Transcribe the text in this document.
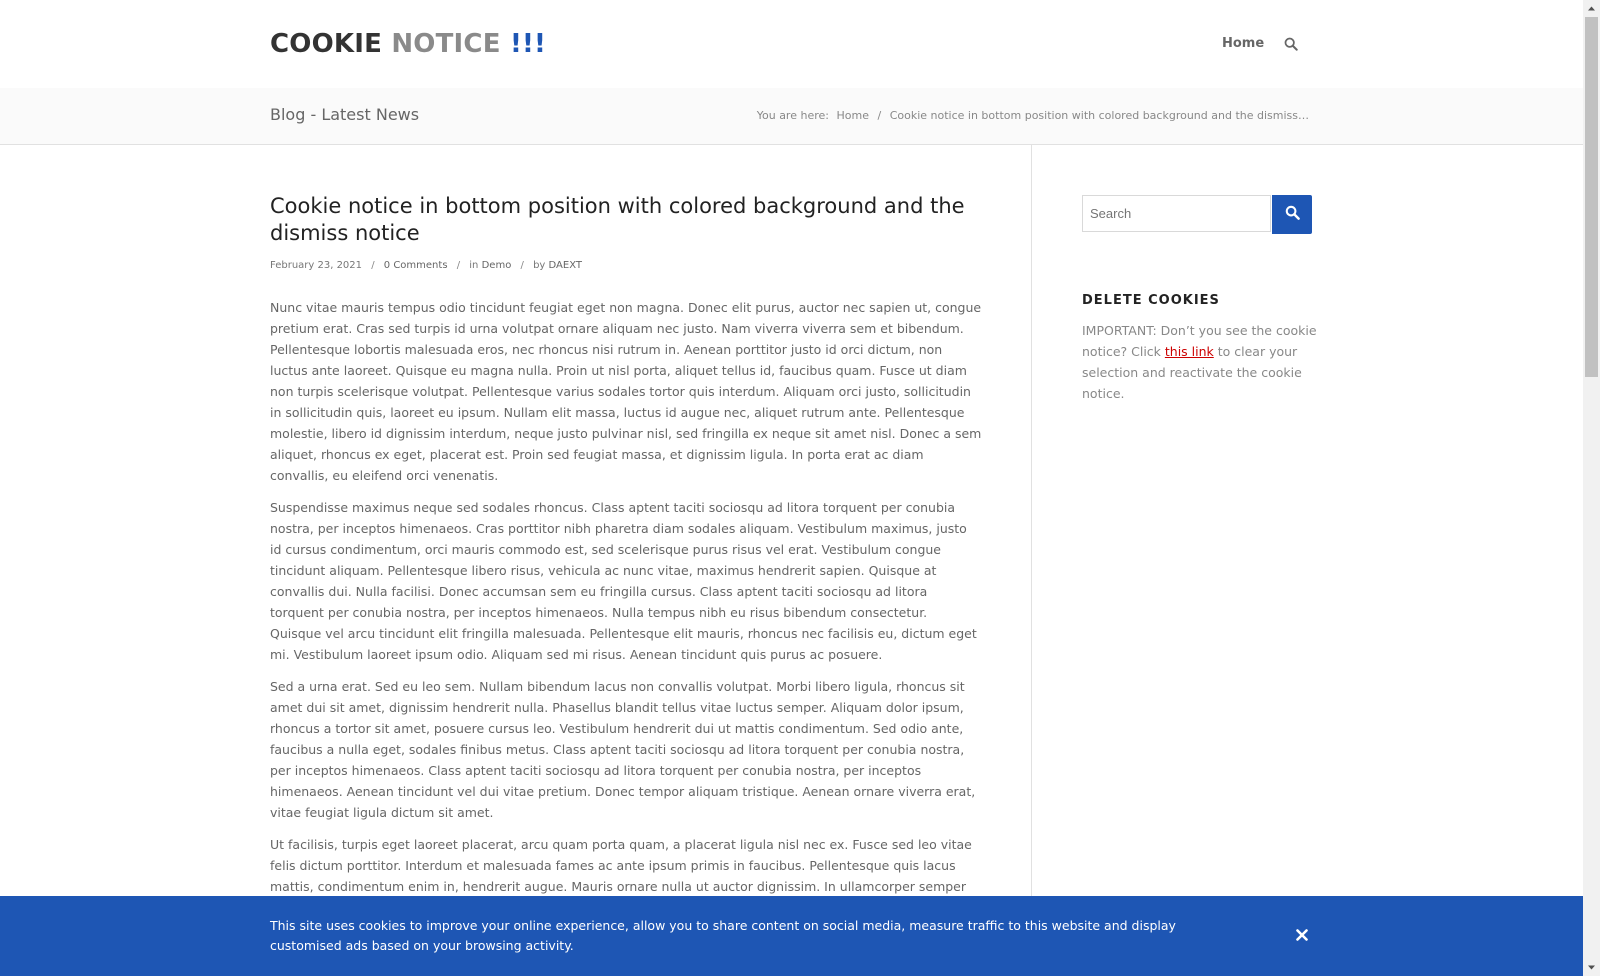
COOKIE NOTICE !!!	Home
Blog - Latest News	You are here: Home / Cookie notice in bottom position with colored background and the dismiss…
Cookie notice in bottom position with colored background and the dismiss notice
February 23, 2021 / 0 Comments / in Demo / by DAEXT

Nunc vitae mauris tempus odio tincidunt feugiat eget non magna. Donec elit purus, auctor nec sapien ut, congue pretium erat. Cras sed turpis id urna volutpat ornare aliquam nec justo. Nam viverra viverra sem et bibendum. Pellentesque lobortis malesuada eros, nec rhoncus nisi rutrum in. Aenean porttitor justo id orci dictum, non luctus ante laoreet. Quisque eu magna nulla. Proin ut nisl porta, aliquet tellus id, faucibus quam. Fusce ut diam non turpis scelerisque volutpat. Pellentesque varius sodales tortor quis interdum. Aliquam orci justo, sollicitudin in sollicitudin quis, laoreet eu ipsum. Nullam elit massa, luctus id augue nec, aliquet rutrum ante. Pellentesque molestie, libero id dignissim interdum, neque justo pulvinar nisl, sed fringilla ex neque sit amet nisl. Donec a sem aliquet, rhoncus ex eget, placerat est. Proin sed feugiat massa, et dignissim ligula. In porta erat ac diam convallis, eu eleifend orci venenatis.

Suspendisse maximus neque sed sodales rhoncus. Class aptent taciti sociosqu ad litora torquent per conubia nostra, per inceptos himenaeos. Cras porttitor nibh pharetra diam sodales aliquam. Vestibulum maximus, justo id cursus condimentum, orci mauris commodo est, sed scelerisque purus risus vel erat. Vestibulum congue tincidunt aliquam. Pellentesque libero risus, vehicula ac nunc vitae, maximus hendrerit sapien. Quisque at convallis dui. Nulla facilisi. Donec accumsan sem eu fringilla cursus. Class aptent taciti sociosqu ad litora torquent per conubia nostra, per inceptos himenaeos. Nulla tempus nibh eu risus bibendum consectetur. Quisque vel arcu tincidunt elit fringilla malesuada. Pellentesque elit mauris, rhoncus nec facilisis eu, dictum eget mi. Vestibulum laoreet ipsum odio. Aliquam sed mi risus. Aenean tincidunt quis purus ac posuere.

Sed a urna erat. Sed eu leo sem. Nullam bibendum lacus non convallis volutpat. Morbi libero ligula, rhoncus sit amet dui sit amet, dignissim hendrerit nulla. Phasellus blandit tellus vitae luctus semper. Aliquam dolor ipsum, rhoncus a tortor sit amet, posuere cursus leo. Vestibulum hendrerit dui ut mattis condimentum. Sed odio ante, faucibus a nulla eget, sodales finibus metus. Class aptent taciti sociosqu ad litora torquent per conubia nostra, per inceptos himenaeos. Class aptent taciti sociosqu ad litora torquent per conubia nostra, per inceptos himenaeos. Aenean tincidunt vel dui vitae pretium. Donec tempor aliquam tristique. Aenean ornare viverra erat, vitae feugiat ligula dictum sit amet.

Ut facilisis, turpis eget laoreet placerat, arcu quam porta quam, a placerat ligula nisl nec ex. Fusce sed leo vitae felis dictum porttitor. Interdum et malesuada fames ac ante ipsum primis in faucibus. Pellentesque quis lacus mattis, condimentum enim in, hendrerit augue. Mauris ornare nulla ut auctor dignissim. In ullamcorper semper

Search
DELETE COOKIES
IMPORTANT: Don’t you see the cookie notice? Click this link to clear your selection and reactivate the cookie notice.
This site uses cookies to improve your online experience, allow you to share content on social media, measure traffic to this website and display customised ads based on your browsing activity.
